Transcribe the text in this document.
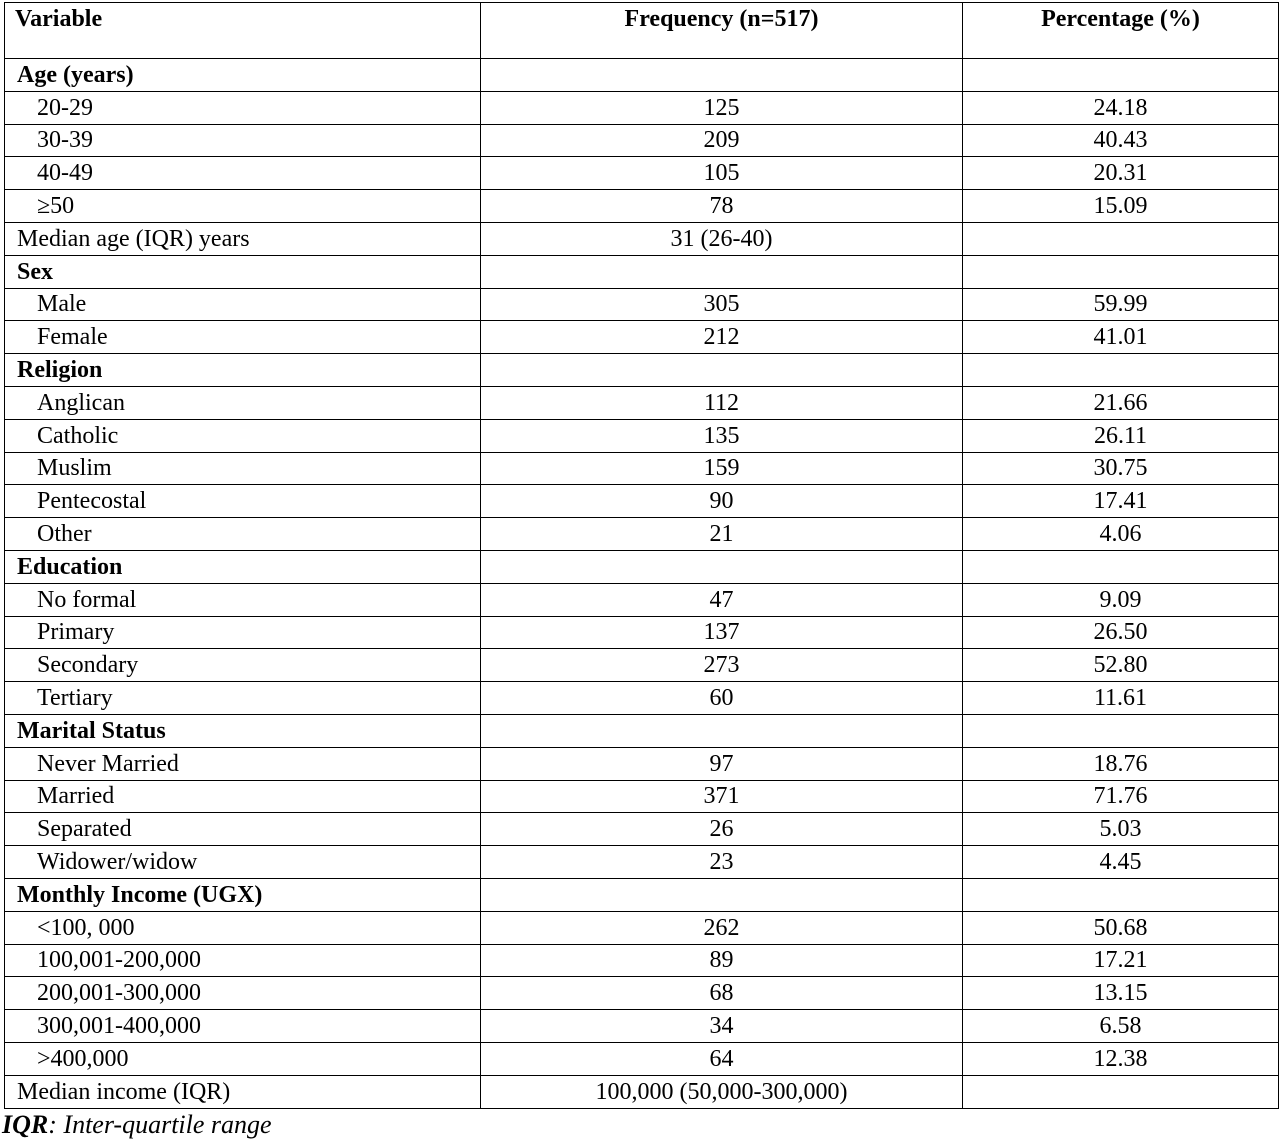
Variable	Frequency (n=517)	Percentage (%)
Age (years)		
20-29	125	24.18
30-39	209	40.43
40-49	105	20.31
≥50	78	15.09
Median age (IQR) years	31 (26-40)	
Sex		
Male	305	59.99
Female	212	41.01
Religion		
Anglican	112	21.66
Catholic	135	26.11
Muslim	159	30.75
Pentecostal	90	17.41
Other	21	4.06
Education		
No formal	47	9.09
Primary	137	26.50
Secondary	273	52.80
Tertiary	60	11.61
Marital Status		
Never Married	97	18.76
Married	371	71.76
Separated	26	5.03
Widower/widow	23	4.45
Monthly Income (UGX)		
<100, 000	262	50.68
100,001-200,000	89	17.21
200,001-300,000	68	13.15
300,001-400,000	34	6.58
>400,000	64	12.38
Median income (IQR)	100,000 (50,000-300,000)	
IQR: Inter-quartile range
